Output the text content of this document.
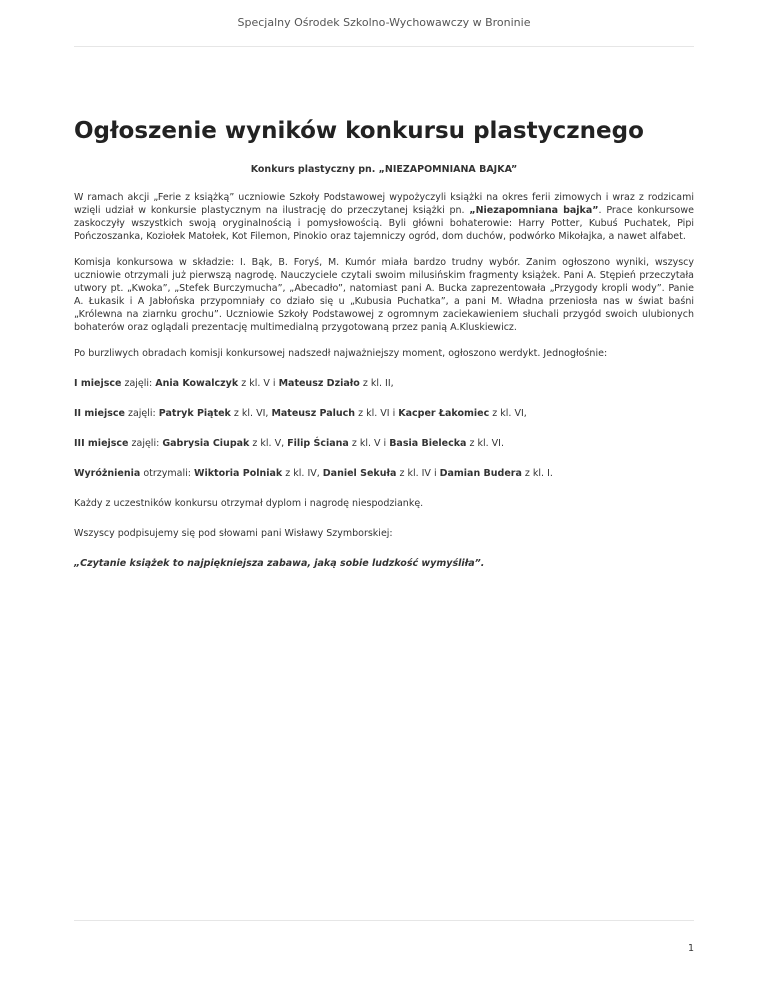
Specjalny Ośrodek Szkolno-Wychowawczy w Broninie
Ogłoszenie wyników konkursu plastycznego
Konkurs plastyczny pn. „NIEZAPOMNIANA BAJKA”

W ramach akcji „Ferie z książką” uczniowie Szkoły Podstawowej wypożyczyli książki na okres ferii zimowych i wraz z rodzicami wzięli udział w konkursie plastycznym na ilustrację do przeczytanej książki pn. „Niezapomniana bajka”. Prace konkursowe zaskoczyły wszystkich swoją oryginalnością i pomysłowością. Byli główni bohaterowie: Harry Potter, Kubuś Puchatek, Pipi Pończoszanka, Koziołek Matołek, Kot Filemon, Pinokio oraz tajemniczy ogród, dom duchów, podwórko Mikołajka, a nawet alfabet.

Komisja konkursowa w składzie: I. Bąk, B. Foryś, M. Kumór miała bardzo trudny wybór. Zanim ogłoszono wyniki, wszyscy uczniowie otrzymali już pierwszą nagrodę. Nauczyciele czytali swoim milusińskim fragmenty książek. Pani A. Stępień przeczytała utwory pt. „Kwoka”, „Stefek Burczymucha”, „Abecadło”, natomiast pani A. Bucka zaprezentowała „Przygody kropli wody”. Panie A. Łukasik i A Jabłońska przypomniały co działo się u „Kubusia Puchatka”, a pani M. Władna przeniosła nas w świat baśni „Królewna na ziarnku grochu”. Uczniowie Szkoły Podstawowej z ogromnym zaciekawieniem słuchali przygód swoich ulubionych bohaterów oraz oglądali prezentację multimedialną przygotowaną przez panią A.Kluskiewicz.

Po burzliwych obradach komisji konkursowej nadszedł najważniejszy moment, ogłoszono werdykt. Jednogłośnie:

I miejsce zajęli: Ania Kowalczyk z kl. V i Mateusz Działo z kl. II,

II miejsce zajęli: Patryk Piątek z kl. VI, Mateusz Paluch z kl. VI i Kacper Łakomiec z kl. VI,

III miejsce zajęli: Gabrysia Ciupak z kl. V, Filip Ściana z kl. V i Basia Bielecka z kl. VI.

Wyróżnienia otrzymali: Wiktoria Polniak z kl. IV, Daniel Sekuła z kl. IV i Damian Budera z kl. I.

Każdy z uczestników konkursu otrzymał dyplom i nagrodę niespodziankę.

Wszyscy podpisujemy się pod słowami pani Wisławy Szymborskiej:

„Czytanie książek to najpiękniejsza zabawa, jaką sobie ludzkość wymyśliła”.

1
